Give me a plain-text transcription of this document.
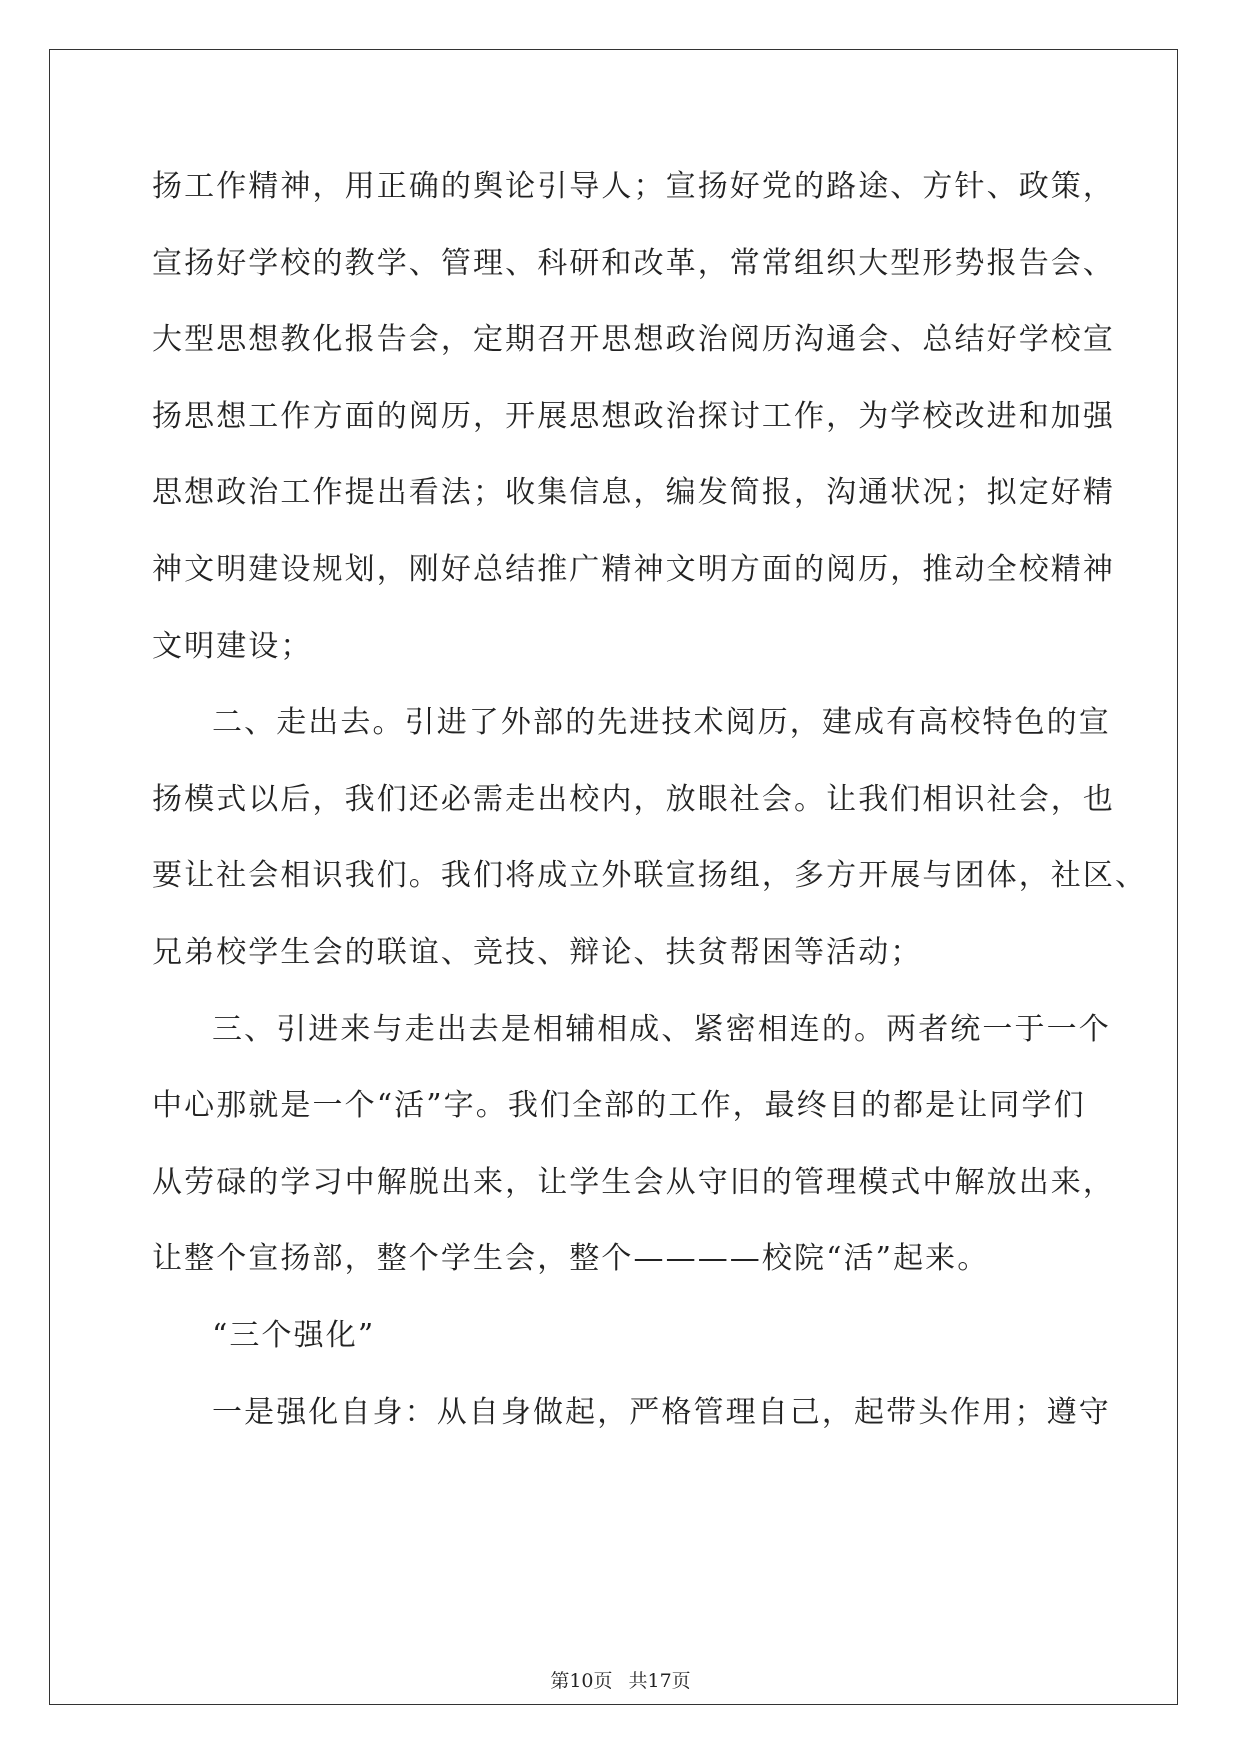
扬工作精神，用正确的舆论引导人；宣扬好党的路途、方针、政策，
宣扬好学校的教学、管理、科研和改革，常常组织大型形势报告会、
大型思想教化报告会，定期召开思想政治阅历沟通会、总结好学校宣
扬思想工作方面的阅历，开展思想政治探讨工作，为学校改进和加强
思想政治工作提出看法；收集信息，编发简报，沟通状况；拟定好精
神文明建设规划，刚好总结推广精神文明方面的阅历，推动全校精神
文明建设；
二、走出去。引进了外部的先进技术阅历，建成有高校特色的宣
扬模式以后，我们还必需走出校内，放眼社会。让我们相识社会，也
要让社会相识我们。我们将成立外联宣扬组，多方开展与团体，社区、
兄弟校学生会的联谊、竞技、辩论、扶贫帮困等活动；
三、引进来与走出去是相辅相成、紧密相连的。两者统一于一个
中心那就是一个“活”字。我们全部的工作，最终目的都是让同学们
从劳碌的学习中解脱出来，让学生会从守旧的管理模式中解放出来，
让整个宣扬部，整个学生会，整个————校院“活”起来。
“三个强化”
一是强化自身：从自身做起，严格管理自己，起带头作用；遵守
第10页 共17页
